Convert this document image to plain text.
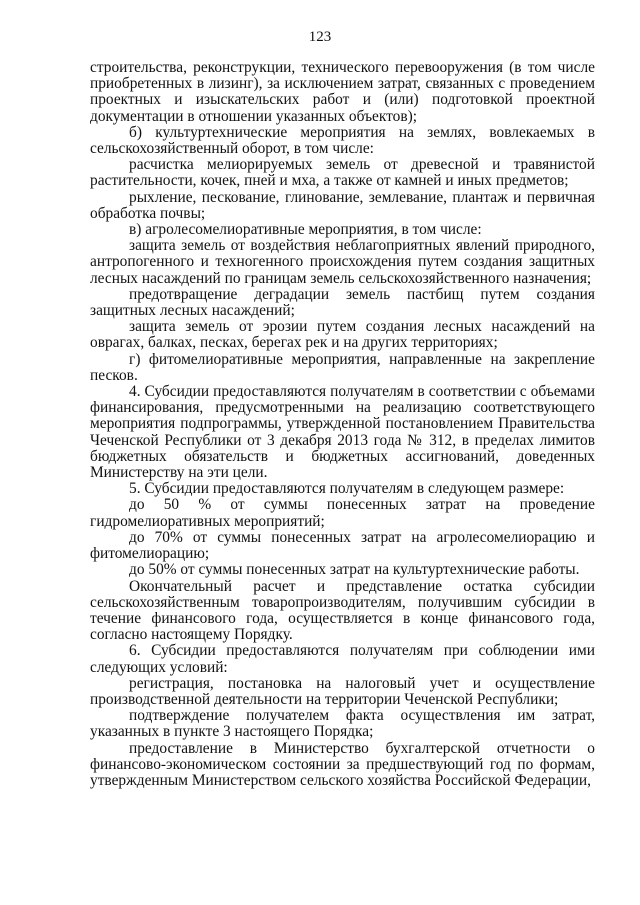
123

строительства, реконструкции, технического перевооружения (в том числе приобретенных в лизинг), за исключением затрат, связанных с проведением проектных и изыскательских работ и (или) подготовкой проектной документации в отношении указанных объектов);

б) культуртехнические мероприятия на землях, вовлекаемых в сельскохозяйственный оборот, в том числе:

расчистка мелиорируемых земель от древесной и травянистой растительности, кочек, пней и мха, а также от камней и иных предметов;

рыхление, пескование, глинование, землевание, плантаж и первичная обработка почвы;

в) агролесомелиоративные мероприятия, в том числе:

защита земель от воздействия неблагоприятных явлений природного, антропогенного и техногенного происхождения путем создания защитных лесных насаждений по границам земель сельскохозяйственного назначения;

предотвращение деградации земель пастбищ путем создания защитных лесных насаждений;

защита земель от эрозии путем создания лесных насаждений на оврагах, балках, песках, берегах рек и на других территориях;

г) фитомелиоративные мероприятия, направленные на закрепление песков.

4. Субсидии предоставляются получателям в соответствии с объемами финансирования, предусмотренными на реализацию соответствующего мероприятия подпрограммы, утвержденной постановлением Правительства Чеченской Республики от 3 декабря 2013 года № 312, в пределах лимитов бюджетных обязательств и бюджетных ассигнований, доведенных Министерству на эти цели.

5. Субсидии предоставляются получателям в следующем размере:

до 50 % от суммы понесенных затрат на проведение гидромелиоративных мероприятий;

до 70% от суммы понесенных затрат на агролесомелиорацию и фитомелиорацию;

до 50% от суммы понесенных затрат на культуртехнические работы.

Окончательный расчет и представление остатка субсидии сельскохозяйственным товаропроизводителям, получившим субсидии в течение финансового года, осуществляется в конце финансового года, согласно настоящему Порядку.

6. Субсидии предоставляются получателям при соблюдении ими следующих условий:

регистрация, постановка на налоговый учет и осуществление производственной деятельности на территории Чеченской Республики;

подтверждение получателем факта осуществления им затрат, указанных в пункте 3 настоящего Порядка;

предоставление в Министерство бухгалтерской отчетности о финансово-экономическом состоянии за предшествующий год по формам, утвержденным Министерством сельского хозяйства Российской Федерации,
